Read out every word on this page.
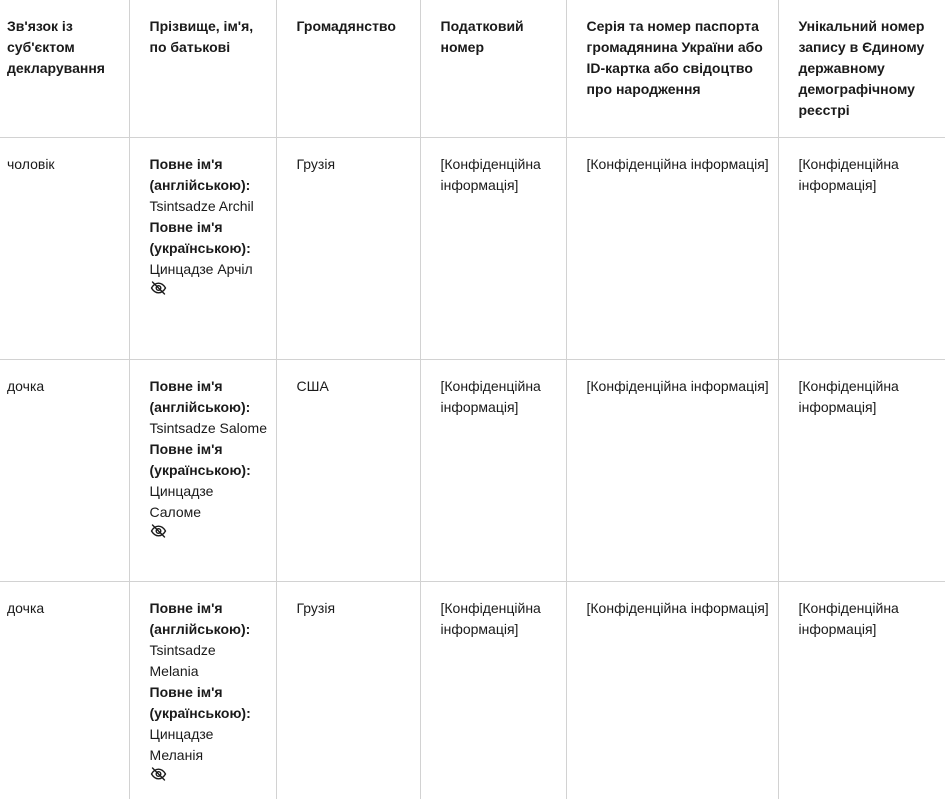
Зв'язок із суб'єктом декларування	Прізвище, ім'я, по батькові	Громадянство	Податковий номер	Серія та номер паспорта громадянина України або ID-картка або свідоцтво про народження	Унікальний номер запису в Єдиному державному демографічному реєстрі
чоловік	Повне ім'я (англійською):
Tsintsadze Archil
Повне ім'я (українською):
Цинцадзе Арчіл	Грузія	[Конфіденційна інформація]	[Конфіденційна інформація]	[Конфіденційна інформація]
дочка	Повне ім'я (англійською):
Tsintsadze Salome
Повне ім'я (українською):
Цинцадзе Саломе	США	[Конфіденційна інформація]	[Конфіденційна інформація]	[Конфіденційна інформація]
дочка	Повне ім'я (англійською):
Tsintsadze Melania
Повне ім'я (українською):
Цинцадзе Меланія	Грузія	[Конфіденційна інформація]	[Конфіденційна інформація]	[Конфіденційна інформація]
